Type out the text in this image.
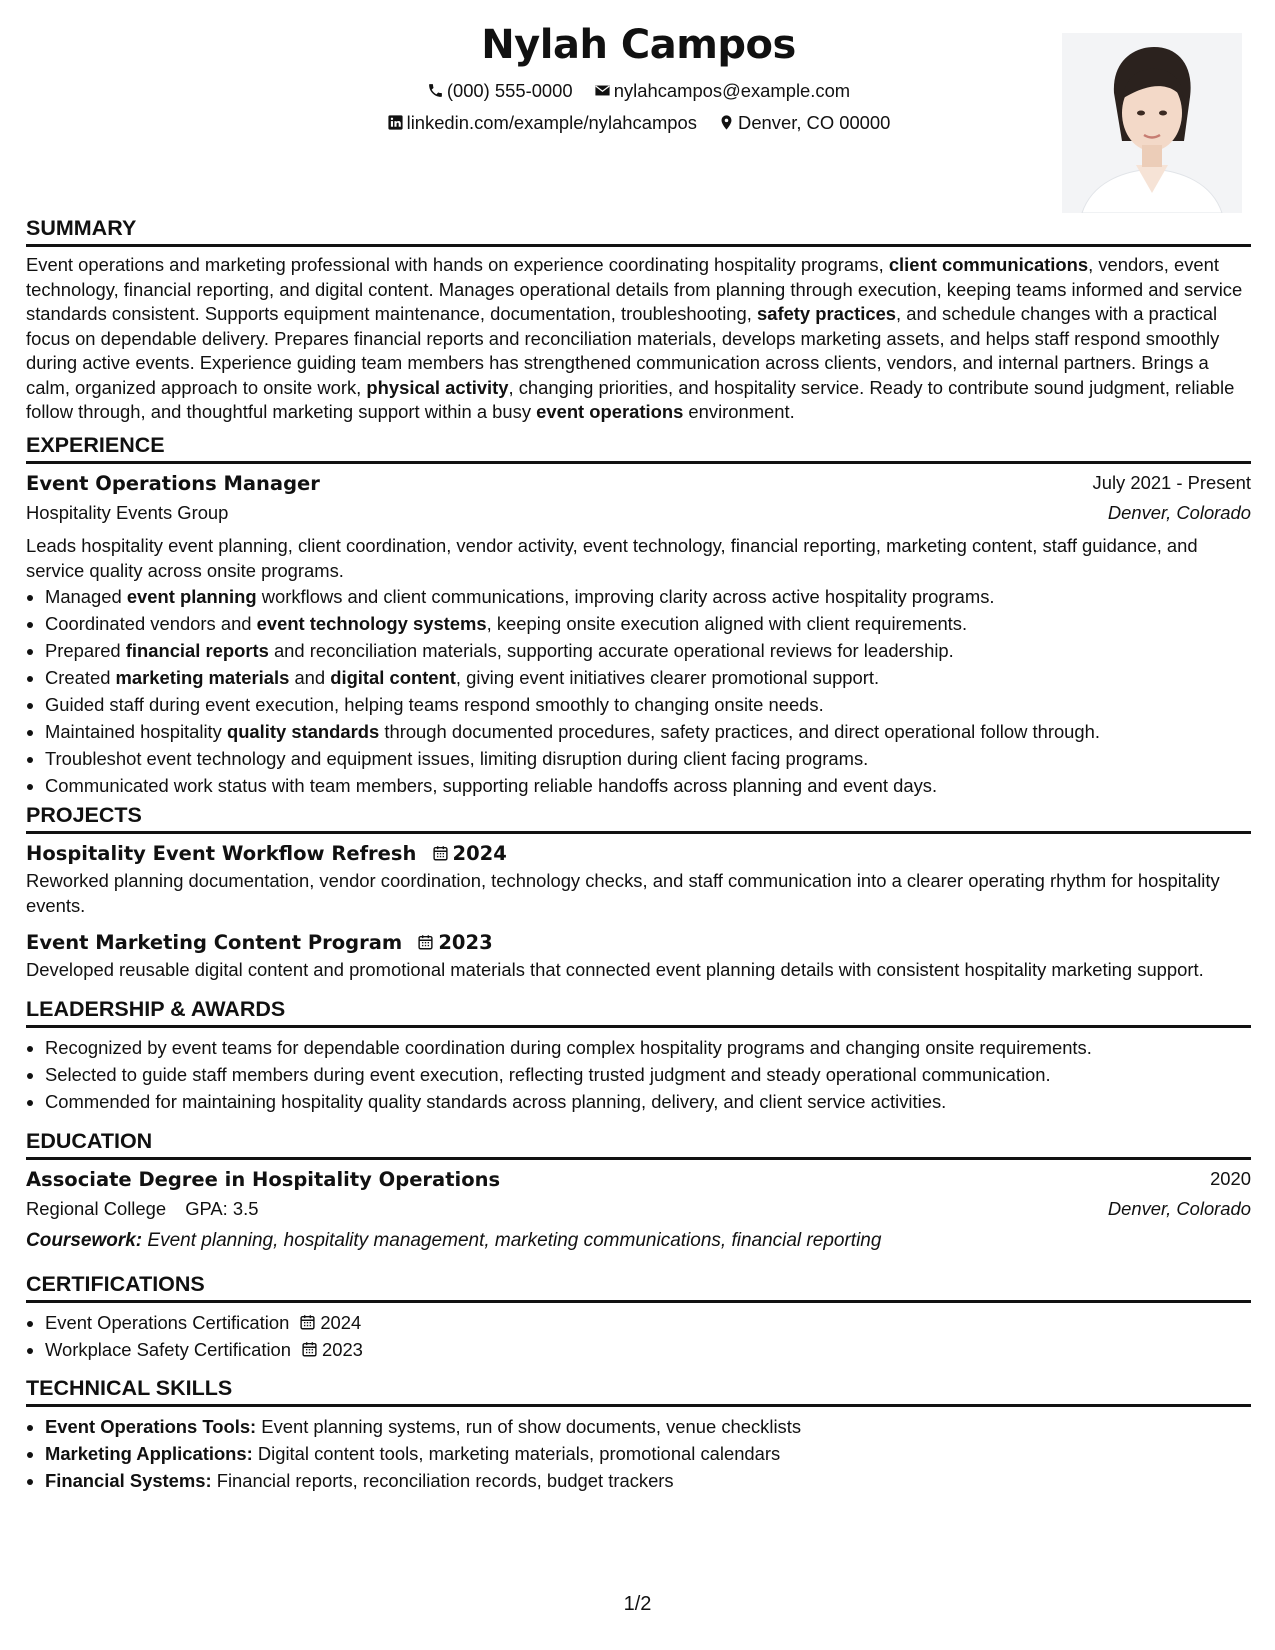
Nylah Campos
(000) 555-0000 nylahcampos@example.com
linkedin.com/example/nylahcampos Denver, CO 00000
SUMMARY
Event operations and marketing professional with hands on experience coordinating hospitality programs, client communications, vendors, event technology, financial reporting, and digital content. Manages operational details from planning through execution, keeping teams informed and service standards consistent. Supports equipment maintenance, documentation, troubleshooting, safety practices, and schedule changes with a practical focus on dependable delivery. Prepares financial reports and reconciliation materials, develops marketing assets, and helps staff respond smoothly during active events. Experience guiding team members has strengthened communication across clients, vendors, and internal partners. Brings a calm, organized approach to onsite work, physical activity, changing priorities, and hospitality service. Ready to contribute sound judgment, reliable follow through, and thoughtful marketing support within a busy event operations environment.
EXPERIENCE
Event Operations Manager	July 2021 - Present
Hospitality Events Group	Denver, Colorado
Leads hospitality event planning, client coordination, vendor activity, event technology, financial reporting, marketing content, staff guidance, and service quality across onsite programs.
• Managed event planning workflows and client communications, improving clarity across active hospitality programs.
• Coordinated vendors and event technology systems, keeping onsite execution aligned with client requirements.
• Prepared financial reports and reconciliation materials, supporting accurate operational reviews for leadership.
• Created marketing materials and digital content, giving event initiatives clearer promotional support.
• Guided staff during event execution, helping teams respond smoothly to changing onsite needs.
• Maintained hospitality quality standards through documented procedures, safety practices, and direct operational follow through.
• Troubleshot event technology and equipment issues, limiting disruption during client facing programs.
• Communicated work status with team members, supporting reliable handoffs across planning and event days.
PROJECTS
Hospitality Event Workflow Refresh 2024
Reworked planning documentation, vendor coordination, technology checks, and staff communication into a clearer operating rhythm for hospitality events.
Event Marketing Content Program 2023
Developed reusable digital content and promotional materials that connected event planning details with consistent hospitality marketing support.
LEADERSHIP & AWARDS
• Recognized by event teams for dependable coordination during complex hospitality programs and changing onsite requirements.
• Selected to guide staff members during event execution, reflecting trusted judgment and steady operational communication.
• Commended for maintaining hospitality quality standards across planning, delivery, and client service activities.
EDUCATION
Associate Degree in Hospitality Operations	2020
Regional College GPA: 3.5	Denver, Colorado
Coursework: Event planning, hospitality management, marketing communications, financial reporting
CERTIFICATIONS
• Event Operations Certification 2024
• Workplace Safety Certification 2023
TECHNICAL SKILLS
• Event Operations Tools: Event planning systems, run of show documents, venue checklists
• Marketing Applications: Digital content tools, marketing materials, promotional calendars
• Financial Systems: Financial reports, reconciliation records, budget trackers
1/2
